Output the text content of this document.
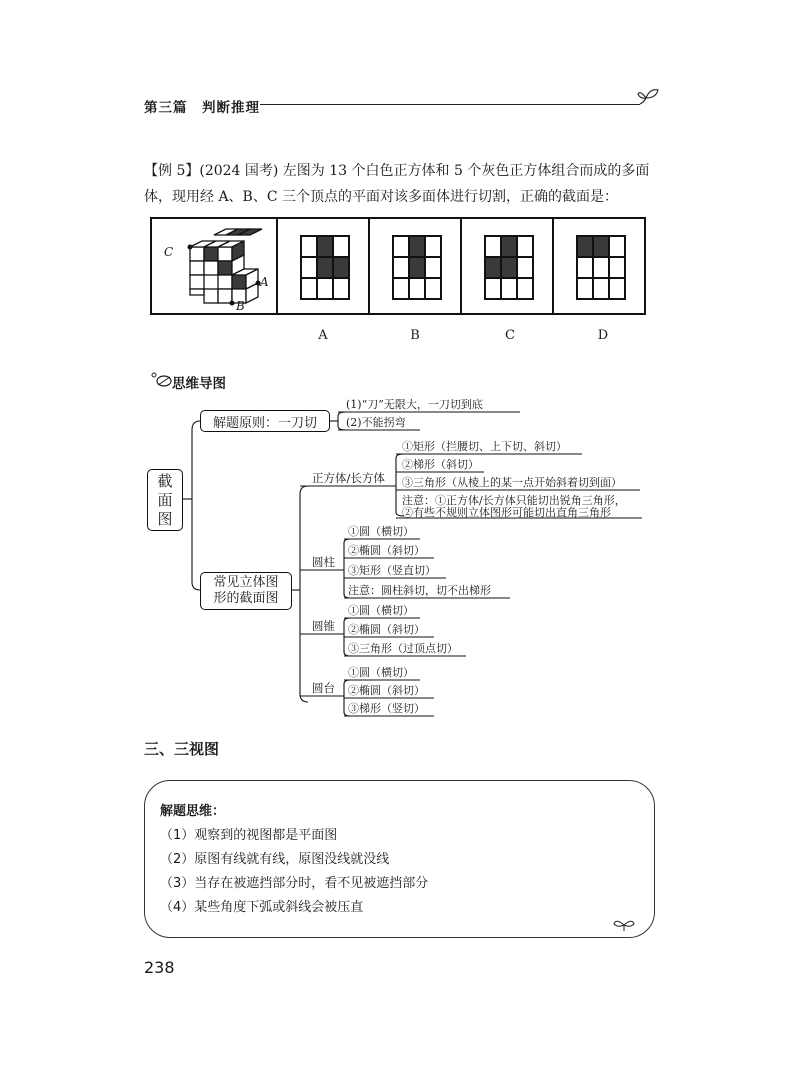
第三篇　判断推理
【例 5】(2024 国考) 左图为 13 个白色正方体和 5 个灰色正方体组合而成的多面
体，现用经 A、B、C 三个顶点的平面对该多面体进行切割，正确的截面是：
C
A
B
A	B	C	D
思维导图
截面图
解题原则：一刀切
常见立体图形的截面图
(1)“刀”无限大，一刀切到底
(2)不能拐弯
正方体/长方体
①矩形（拦腰切、上下切、斜切）
②梯形（斜切）
③三角形（从棱上的某一点开始斜着切到面）
注意：①正方体/长方体只能切出锐角三角形，
②有些不规则立体图形可能切出直角三角形
圆柱
①圆（横切）
②椭圆（斜切）
③矩形（竖直切）
注意：圆柱斜切，切不出梯形
圆锥
①圆（横切）
②椭圆（斜切）
③三角形（过顶点切）
圆台
①圆（横切）
②椭圆（斜切）
③梯形（竖切）
三、三视图
解题思维：
（1）观察到的视图都是平面图
（2）原图有线就有线，原图没线就没线
（3）当存在被遮挡部分时，看不见被遮挡部分
（4）某些角度下弧或斜线会被压直
238
